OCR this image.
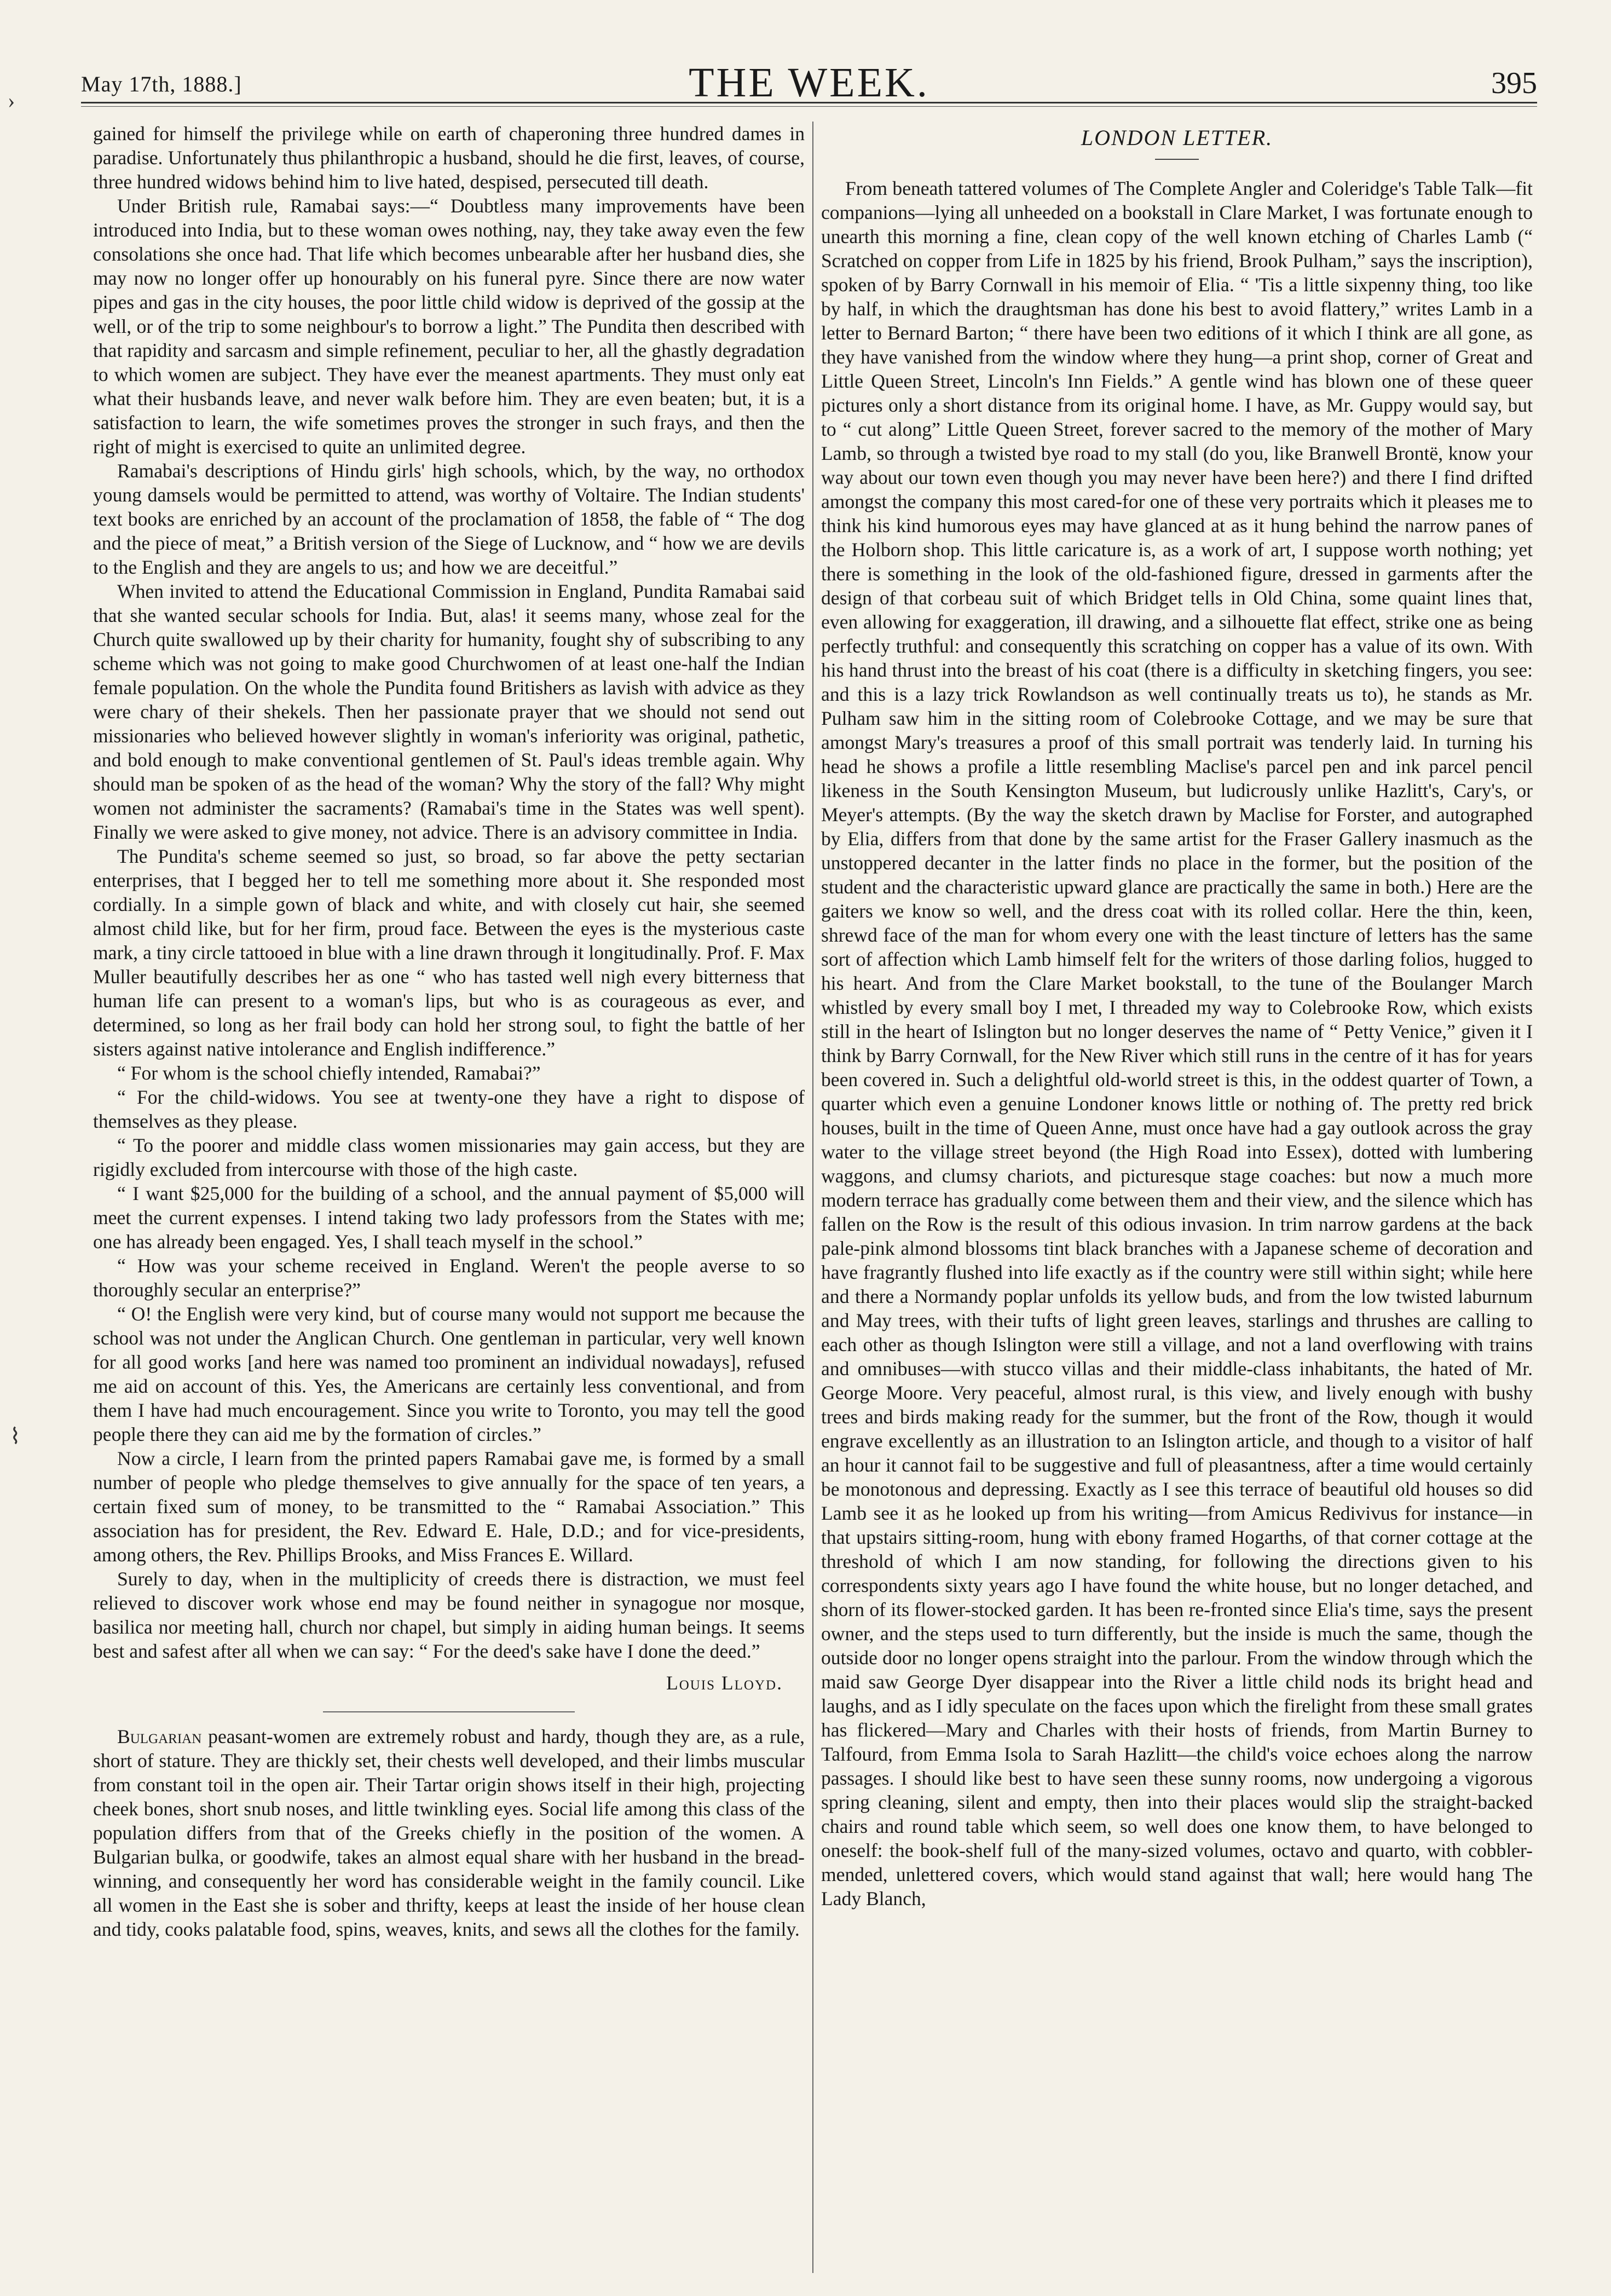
May 17th, 1888.]	THE WEEK.	395
›
⌇

gained for himself the privilege while on earth of chaperoning three hundred dames in paradise. Unfortunately thus philanthropic a husband, should he die first, leaves, of course, three hundred widows behind him to live hated, despised, persecuted till death.

Under British rule, Ramabai says:—“ Doubtless many improvements have been introduced into India, but to these woman owes nothing, nay, they take away even the few consolations she once had. That life which becomes unbearable after her husband dies, she may now no longer offer up honourably on his funeral pyre. Since there are now water pipes and gas in the city houses, the poor little child widow is deprived of the gossip at the well, or of the trip to some neighbour's to borrow a light.” The Pundita then described with that rapidity and sarcasm and simple refinement, peculiar to her, all the ghastly degradation to which women are subject. They have ever the meanest apartments. They must only eat what their husbands leave, and never walk before him. They are even beaten; but, it is a satisfaction to learn, the wife sometimes proves the stronger in such frays, and then the right of might is exercised to quite an unlimited degree.

Ramabai's descriptions of Hindu girls' high schools, which, by the way, no orthodox young damsels would be permitted to attend, was worthy of Voltaire. The Indian students' text books are enriched by an account of the proclamation of 1858, the fable of “ The dog and the piece of meat,” a British version of the Siege of Lucknow, and “ how we are devils to the English and they are angels to us; and how we are deceitful.”

When invited to attend the Educational Commission in England, Pundita Ramabai said that she wanted secular schools for India. But, alas! it seems many, whose zeal for the Church quite swallowed up by their charity for humanity, fought shy of subscribing to any scheme which was not going to make good Churchwomen of at least one-half the Indian female population. On the whole the Pundita found Britishers as lavish with advice as they were chary of their shekels. Then her passionate prayer that we should not send out missionaries who believed however slightly in woman's inferiority was original, pathetic, and bold enough to make conventional gentlemen of St. Paul's ideas tremble again. Why should man be spoken of as the head of the woman? Why the story of the fall? Why might women not administer the sacraments? (Ramabai's time in the States was well spent). Finally we were asked to give money, not advice. There is an advisory committee in India.

The Pundita's scheme seemed so just, so broad, so far above the petty sectarian enterprises, that I begged her to tell me something more about it. She responded most cordially. In a simple gown of black and white, and with closely cut hair, she seemed almost child like, but for her firm, proud face. Between the eyes is the mysterious caste mark, a tiny circle tattooed in blue with a line drawn through it longitudinally. Prof. F. Max Muller beautifully describes her as one “ who has tasted well nigh every bitterness that human life can present to a woman's lips, but who is as courageous as ever, and determined, so long as her frail body can hold her strong soul, to fight the battle of her sisters against native intolerance and English indifference.”

“ For whom is the school chiefly intended, Ramabai?”

“ For the child-widows. You see at twenty-one they have a right to dispose of themselves as they please.

“ To the poorer and middle class women missionaries may gain access, but they are rigidly excluded from intercourse with those of the high caste.

“ I want $25,000 for the building of a school, and the annual payment of $5,000 will meet the current expenses. I intend taking two lady professors from the States with me; one has already been engaged. Yes, I shall teach myself in the school.”

“ How was your scheme received in England. Weren't the people averse to so thoroughly secular an enterprise?”

“ O! the English were very kind, but of course many would not support me because the school was not under the Anglican Church. One gentleman in particular, very well known for all good works [and here was named too prominent an individual nowadays], refused me aid on account of this. Yes, the Americans are certainly less conventional, and from them I have had much encouragement. Since you write to Toronto, you may tell the good people there they can aid me by the formation of circles.”

Now a circle, I learn from the printed papers Ramabai gave me, is formed by a small number of people who pledge themselves to give annually for the space of ten years, a certain fixed sum of money, to be transmitted to the “ Ramabai Association.” This association has for president, the Rev. Edward E. Hale, D.D.; and for vice-presidents, among others, the Rev. Phillips Brooks, and Miss Frances E. Willard.

Surely to day, when in the multiplicity of creeds there is distraction, we must feel relieved to discover work whose end may be found neither in synagogue nor mosque, basilica nor meeting hall, church nor chapel, but simply in aiding human beings. It seems best and safest after all when we can say: “ For the deed's sake have I done the deed.”

Louis Lloyd.

Bulgarian peasant-women are extremely robust and hardy, though they are, as a rule, short of stature. They are thickly set, their chests well developed, and their limbs muscular from constant toil in the open air. Their Tartar origin shows itself in their high, projecting cheek bones, short snub noses, and little twinkling eyes. Social life among this class of the population differs from that of the Greeks chiefly in the position of the women. A Bulgarian bulka, or goodwife, takes an almost equal share with her husband in the bread-winning, and consequently her word has considerable weight in the family council. Like all women in the East she is sober and thrifty, keeps at least the inside of her house clean and tidy, cooks palatable food, spins, weaves, knits, and sews all the clothes for the family.

LONDON LETTER.

From beneath tattered volumes of The Complete Angler and Coleridge's Table Talk—fit companions—lying all unheeded on a bookstall in Clare Market, I was fortunate enough to unearth this morning a fine, clean copy of the well known etching of Charles Lamb (“ Scratched on copper from Life in 1825 by his friend, Brook Pulham,” says the inscription), spoken of by Barry Cornwall in his memoir of Elia. “ 'Tis a little sixpenny thing, too like by half, in which the draughtsman has done his best to avoid flattery,” writes Lamb in a letter to Bernard Barton; “ there have been two editions of it which I think are all gone, as they have vanished from the window where they hung—a print shop, corner of Great and Little Queen Street, Lincoln's Inn Fields.” A gentle wind has blown one of these queer pictures only a short distance from its original home. I have, as Mr. Guppy would say, but to “ cut along” Little Queen Street, forever sacred to the memory of the mother of Mary Lamb, so through a twisted bye road to my stall (do you, like Branwell Brontë, know your way about our town even though you may never have been here?) and there I find drifted amongst the company this most cared-for one of these very portraits which it pleases me to think his kind humorous eyes may have glanced at as it hung behind the narrow panes of the Holborn shop. This little caricature is, as a work of art, I suppose worth nothing; yet there is something in the look of the old-fashioned figure, dressed in garments after the design of that corbeau suit of which Bridget tells in Old China, some quaint lines that, even allowing for exaggeration, ill drawing, and a silhouette flat effect, strike one as being perfectly truthful: and consequently this scratching on copper has a value of its own. With his hand thrust into the breast of his coat (there is a difficulty in sketching fingers, you see: and this is a lazy trick Rowlandson as well continually treats us to), he stands as Mr. Pulham saw him in the sitting room of Colebrooke Cottage, and we may be sure that amongst Mary's treasures a proof of this small portrait was tenderly laid. In turning his head he shows a profile a little resembling Maclise's parcel pen and ink parcel pencil likeness in the South Kensington Museum, but ludicrously unlike Hazlitt's, Cary's, or Meyer's attempts. (By the way the sketch drawn by Maclise for Forster, and autographed by Elia, differs from that done by the same artist for the Fraser Gallery inasmuch as the unstoppered decanter in the latter finds no place in the former, but the position of the student and the characteristic upward glance are practically the same in both.) Here are the gaiters we know so well, and the dress coat with its rolled collar. Here the thin, keen, shrewd face of the man for whom every one with the least tincture of letters has the same sort of affection which Lamb himself felt for the writers of those darling folios, hugged to his heart. And from the Clare Market bookstall, to the tune of the Boulanger March whistled by every small boy I met, I threaded my way to Colebrooke Row, which exists still in the heart of Islington but no longer deserves the name of “ Petty Venice,” given it I think by Barry Cornwall, for the New River which still runs in the centre of it has for years been covered in. Such a delightful old-world street is this, in the oddest quarter of Town, a quarter which even a genuine Londoner knows little or nothing of. The pretty red brick houses, built in the time of Queen Anne, must once have had a gay outlook across the gray water to the village street beyond (the High Road into Essex), dotted with lumbering waggons, and clumsy chariots, and picturesque stage coaches: but now a much more modern terrace has gradually come between them and their view, and the silence which has fallen on the Row is the result of this odious invasion. In trim narrow gardens at the back pale-pink almond blossoms tint black branches with a Japanese scheme of decoration and have fragrantly flushed into life exactly as if the country were still within sight; while here and there a Normandy poplar unfolds its yellow buds, and from the low twisted laburnum and May trees, with their tufts of light green leaves, starlings and thrushes are calling to each other as though Islington were still a village, and not a land overflowing with trains and omnibuses—with stucco villas and their middle-class inhabitants, the hated of Mr. George Moore. Very peaceful, almost rural, is this view, and lively enough with bushy trees and birds making ready for the summer, but the front of the Row, though it would engrave excellently as an illustration to an Islington article, and though to a visitor of half an hour it cannot fail to be suggestive and full of pleasantness, after a time would certainly be monotonous and depressing. Exactly as I see this terrace of beautiful old houses so did Lamb see it as he looked up from his writing—from Amicus Redivivus for instance—in that upstairs sitting-room, hung with ebony framed Hogarths, of that corner cottage at the threshold of which I am now standing, for following the directions given to his correspondents sixty years ago I have found the white house, but no longer detached, and shorn of its flower-stocked garden. It has been re-fronted since Elia's time, says the present owner, and the steps used to turn differently, but the inside is much the same, though the outside door no longer opens straight into the parlour. From the window through which the maid saw George Dyer disappear into the River a little child nods its bright head and laughs, and as I idly speculate on the faces upon which the firelight from these small grates has flickered—Mary and Charles with their hosts of friends, from Martin Burney to Talfourd, from Emma Isola to Sarah Hazlitt—the child's voice echoes along the narrow passages. I should like best to have seen these sunny rooms, now undergoing a vigorous spring cleaning, silent and empty, then into their places would slip the straight-backed chairs and round table which seem, so well does one know them, to have belonged to oneself: the book-shelf full of the many-sized volumes, octavo and quarto, with cobbler-mended, unlettered covers, which would stand against that wall; here would hang The Lady Blanch,
